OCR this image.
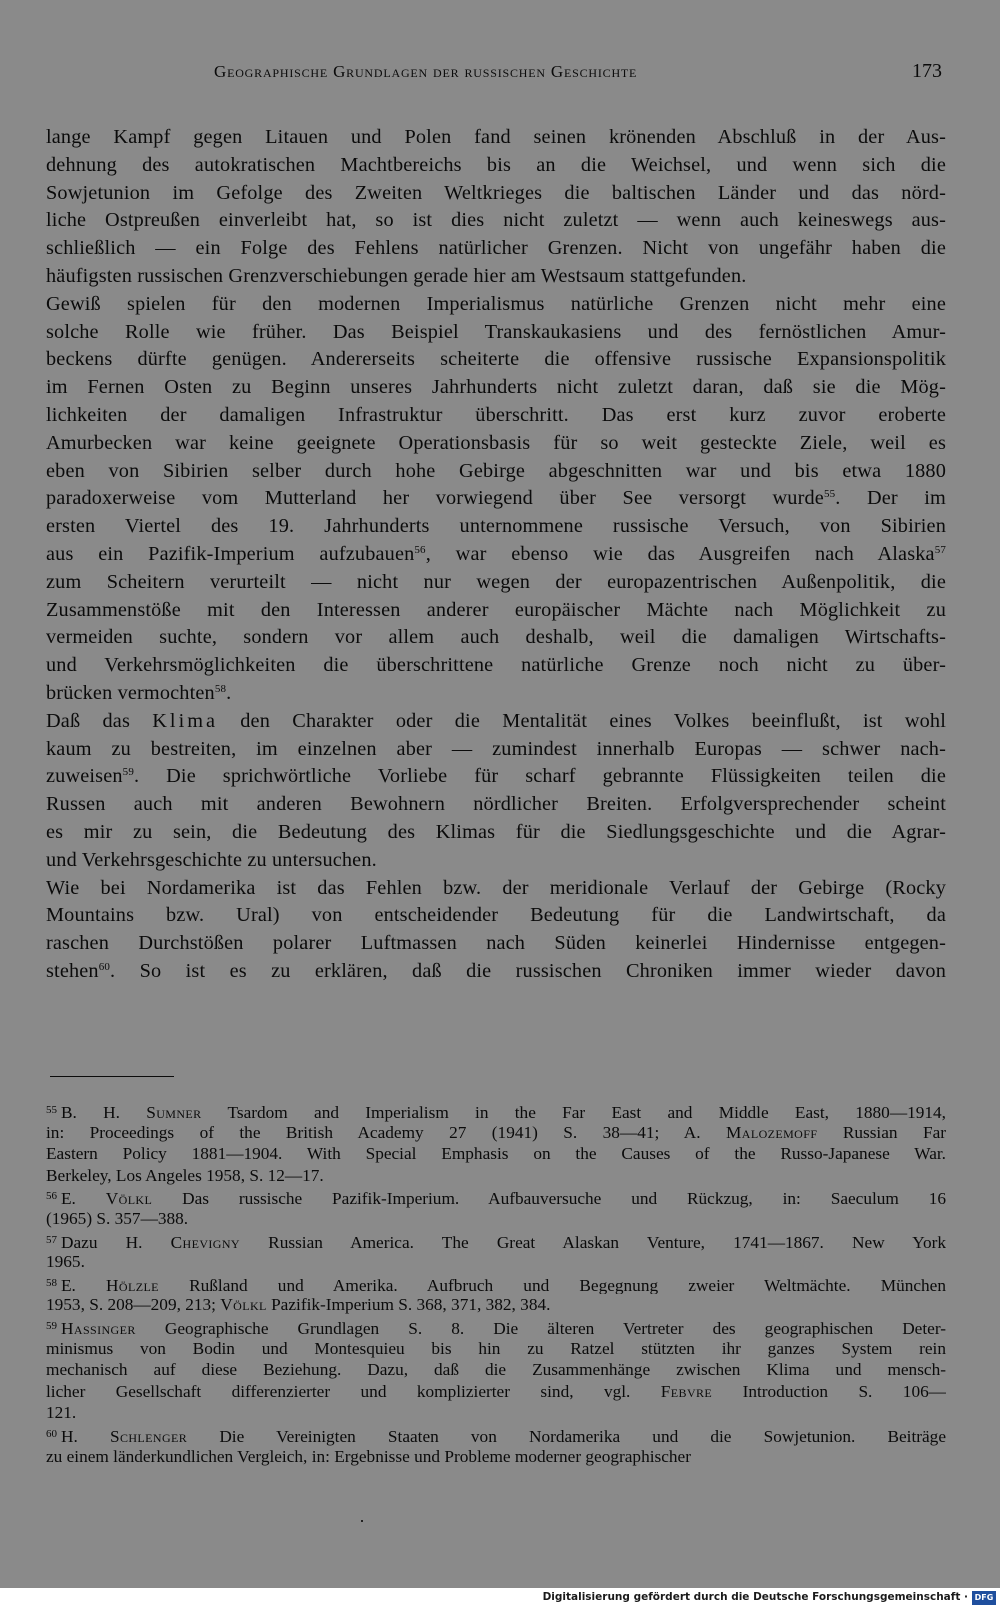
Geographische Grundlagen der russischen Geschichte	173
lange Kampf gegen Litauen und Polen fand seinen krönenden Abschluß in der Aus-
dehnung des autokratischen Machtbereichs bis an die Weichsel, und wenn sich die
Sowjetunion im Gefolge des Zweiten Weltkrieges die baltischen Länder und das nörd-
liche Ostpreußen einverleibt hat, so ist dies nicht zuletzt — wenn auch keineswegs aus-
schließlich — ein Folge des Fehlens natürlicher Grenzen. Nicht von ungefähr haben die
häufigsten russischen Grenzverschiebungen gerade hier am Westsaum stattgefunden.
Gewiß spielen für den modernen Imperialismus natürliche Grenzen nicht mehr eine
solche Rolle wie früher. Das Beispiel Transkaukasiens und des fernöstlichen Amur-
beckens dürfte genügen. Andererseits scheiterte die offensive russische Expansionspolitik
im Fernen Osten zu Beginn unseres Jahrhunderts nicht zuletzt daran, daß sie die Mög-
lichkeiten der damaligen Infrastruktur überschritt. Das erst kurz zuvor eroberte
Amurbecken war keine geeignete Operationsbasis für so weit gesteckte Ziele, weil es
eben von Sibirien selber durch hohe Gebirge abgeschnitten war und bis etwa 1880
paradoxerweise vom Mutterland her vorwiegend über See versorgt wurde$^{55}$. Der im
ersten Viertel des 19. Jahrhunderts unternommene russische Versuch, von Sibirien
aus ein Pazifik-Imperium aufzubauen$^{56}$, war ebenso wie das Ausgreifen nach Alaska$^{57}$
zum Scheitern verurteilt — nicht nur wegen der europazentrischen Außenpolitik, die
Zusammenstöße mit den Interessen anderer europäischer Mächte nach Möglichkeit zu
vermeiden suchte, sondern vor allem auch deshalb, weil die damaligen Wirtschafts-
und Verkehrsmöglichkeiten die überschrittene natürliche Grenze noch nicht zu über-
brücken vermochten$^{58}$.
Daß das Klima den Charakter oder die Mentalität eines Volkes beeinflußt, ist wohl
kaum zu bestreiten, im einzelnen aber — zumindest innerhalb Europas — schwer nach-
zuweisen$^{59}$. Die sprichwörtliche Vorliebe für scharf gebrannte Flüssigkeiten teilen die
Russen auch mit anderen Bewohnern nördlicher Breiten. Erfolgversprechender scheint
es mir zu sein, die Bedeutung des Klimas für die Siedlungsgeschichte und die Agrar-
und Verkehrsgeschichte zu untersuchen.
Wie bei Nordamerika ist das Fehlen bzw. der meridionale Verlauf der Gebirge (Rocky
Mountains bzw. Ural) von entscheidender Bedeutung für die Landwirtschaft, da
raschen Durchstößen polarer Luftmassen nach Süden keinerlei Hindernisse entgegen-
stehen$^{60}$. So ist es zu erklären, daß die russischen Chroniken immer wieder davon
$^{55}$ B. H. Sumner Tsardom and Imperialism in the Far East and Middle East, 1880—1914,
in: Proceedings of the British Academy 27 (1941) S. 38—41; A. Malozemoff Russian Far
Eastern Policy 1881—1904. With Special Emphasis on the Causes of the Russo-Japanese War.
Berkeley, Los Angeles 1958, S. 12—17.
$^{56}$ E. Völkl Das russische Pazifik-Imperium. Aufbauversuche und Rückzug, in: Saeculum 16
(1965) S. 357—388.
$^{57}$ Dazu H. Chevigny Russian America. The Great Alaskan Venture, 1741—1867. New York
1965.
$^{58}$ E. Hölzle Rußland und Amerika. Aufbruch und Begegnung zweier Weltmächte. München
1953, S. 208—209, 213; Völkl Pazifik-Imperium S. 368, 371, 382, 384.
$^{59}$ Hassinger Geographische Grundlagen S. 8. Die älteren Vertreter des geographischen Deter-
minismus von Bodin und Montesquieu bis hin zu Ratzel stützten ihr ganzes System rein
mechanisch auf diese Beziehung. Dazu, daß die Zusammenhänge zwischen Klima und mensch-
licher Gesellschaft differenzierter und komplizierter sind, vgl. Febvre Introduction S. 106—
121.
$^{60}$ H. Schlenger Die Vereinigten Staaten von Nordamerika und die Sowjetunion. Beiträge
zu einem länderkundlichen Vergleich, in: Ergebnisse und Probleme moderner geographischer
Digitalisierung gefördert durch die Deutsche Forschungsgemeinschaft · DFG
